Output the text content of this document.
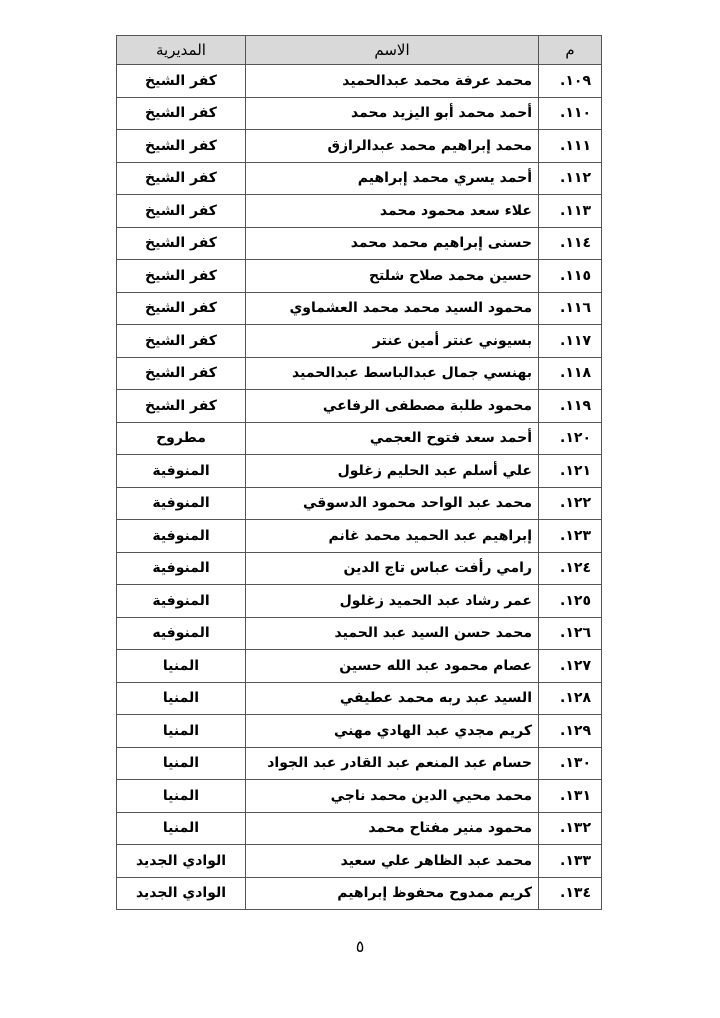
م	الاسم	المديرية
١٠٩.	محمد عرفة محمد عبدالحميد	كفر الشيخ
١١٠.	أحمد محمد أبو اليزيد محمد	كفر الشيخ
١١١.	محمد إبراهيم محمد عبدالرازق	كفر الشيخ
١١٢.	أحمد يسري محمد إبراهيم	كفر الشيخ
١١٣.	علاء سعد محمود محمد	كفر الشيخ
١١٤.	حسنى إبراهيم محمد محمد	كفر الشيخ
١١٥.	حسين محمد صلاح شلتح	كفر الشيخ
١١٦.	محمود السيد محمد محمد العشماوي	كفر الشيخ
١١٧.	بسيوني عنتر أمين عنتر	كفر الشيخ
١١٨.	بهنسي جمال عبدالباسط عبدالحميد	كفر الشيخ
١١٩.	محمود طلبة مصطفى الرفاعي	كفر الشيخ
١٢٠.	أحمد سعد فتوح العجمي	مطروح
١٢١.	علي أسلم عبد الحليم زغلول	المنوفية
١٢٢.	محمد عبد الواحد محمود الدسوقي	المنوفية
١٢٣.	إبراهيم عبد الحميد محمد غانم	المنوفية
١٢٤.	رامي رأفت عباس تاج الدين	المنوفية
١٢٥.	عمر رشاد عبد الحميد زغلول	المنوفية
١٢٦.	محمد حسن السيد عبد الحميد	المنوفيه
١٢٧.	عصام محمود عبد الله حسين	المنيا
١٢٨.	السيد عبد ربه محمد عطيفي	المنيا
١٢٩.	كريم مجدي عبد الهادي مهني	المنيا
١٣٠.	حسام عبد المنعم عبد القادر عبد الجواد	المنيا
١٣١.	محمد محيي الدين محمد ناجي	المنيا
١٣٢.	محمود منير مفتاح محمد	المنيا
١٣٣.	محمد عبد الظاهر علي سعيد	الوادي الجديد
١٣٤.	كريم ممدوح محفوظ إبراهيم	الوادي الجديد
٥
